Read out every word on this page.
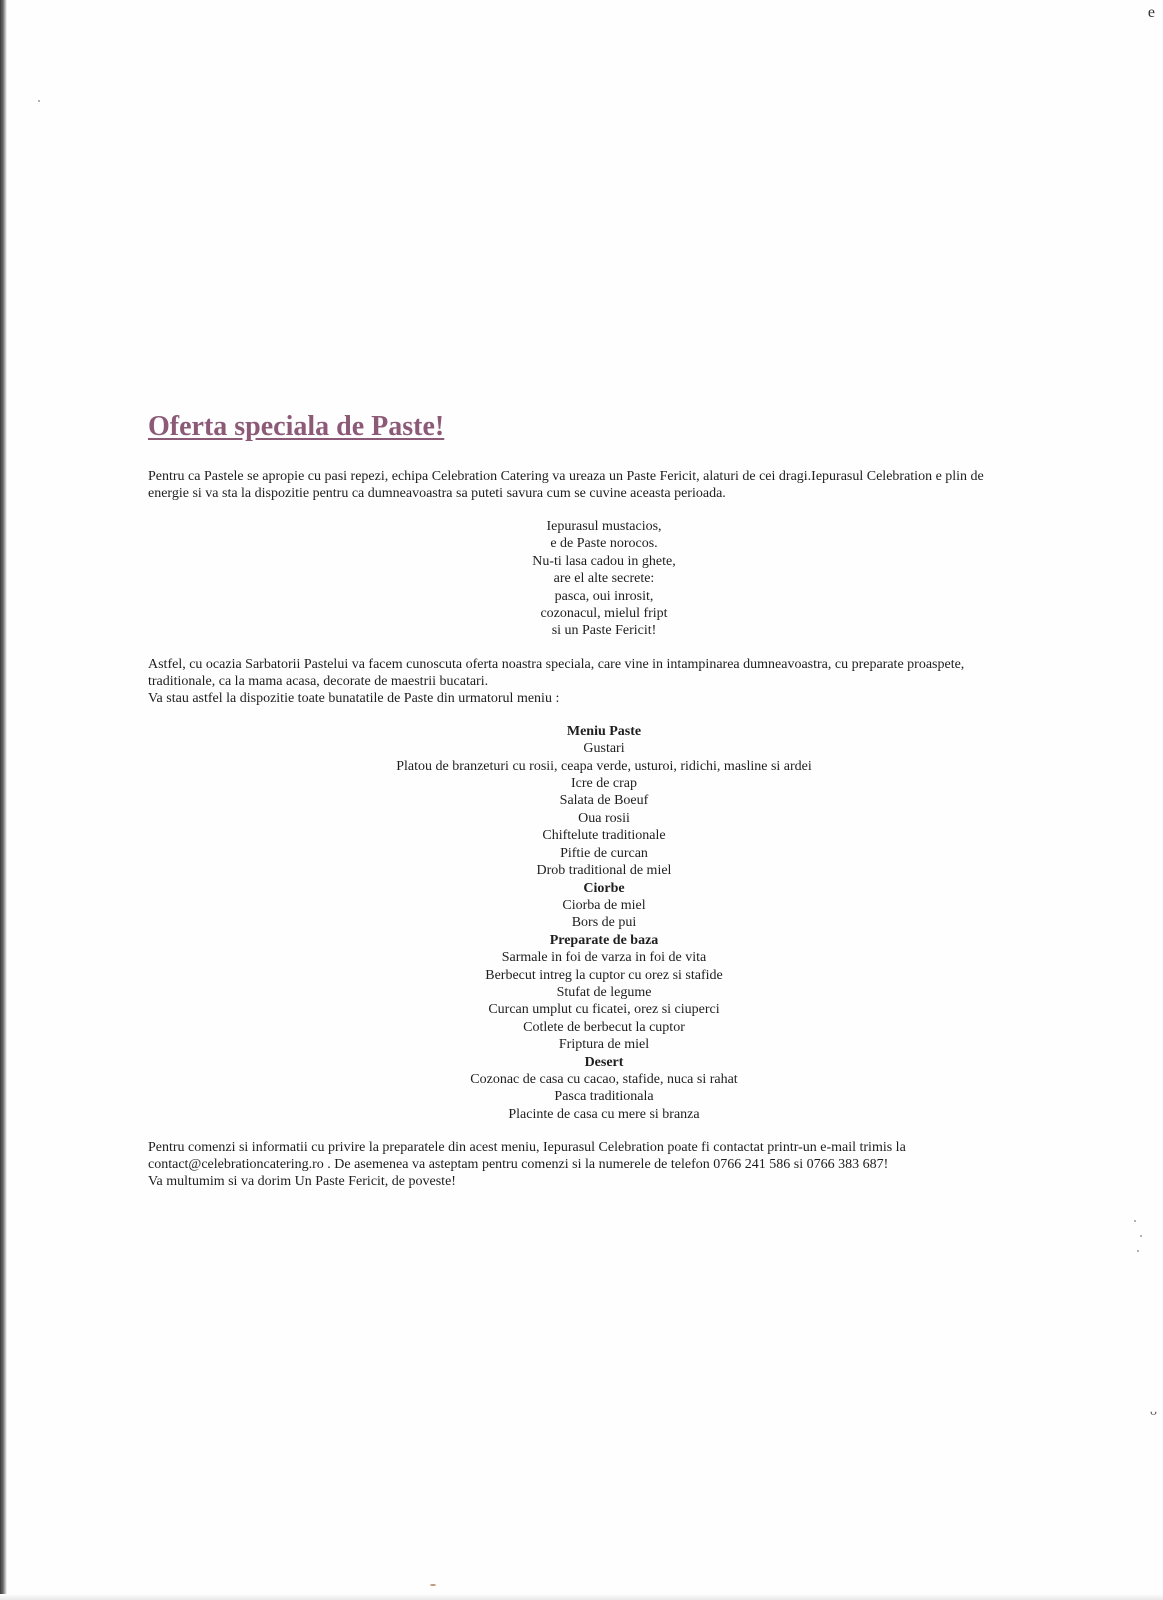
e
ᴗ
Oferta speciala de Paste!
Pentru ca Pastele se apropie cu pasi repezi, echipa Celebration Catering va ureaza un Paste Fericit, alaturi de cei dragi.Iepurasul Celebration e plin de
energie si va sta la dispozitie pentru ca dumneavoastra sa puteti savura cum se cuvine aceasta perioada.
Iepurasul mustacios,
e de Paste norocos.
Nu-ti lasa cadou in ghete,
are el alte secrete:
pasca, oui inrosit,
cozonacul, mielul fript
si un Paste Fericit!
Astfel, cu ocazia Sarbatorii Pastelui va facem cunoscuta oferta noastra speciala, care vine in intampinarea dumneavoastra, cu preparate proaspete,
traditionale, ca la mama acasa, decorate de maestrii bucatari.
Va stau astfel la dispozitie toate bunatatile de Paste din urmatorul meniu :
Meniu Paste
Gustari
Platou de branzeturi cu rosii, ceapa verde, usturoi, ridichi, masline si ardei
Icre de crap
Salata de Boeuf
Oua rosii
Chiftelute traditionale
Piftie de curcan
Drob traditional de miel
Ciorbe
Ciorba de miel
Bors de pui
Preparate de baza
Sarmale in foi de varza in foi de vita
Berbecut intreg la cuptor cu orez si stafide
Stufat de legume
Curcan umplut cu ficatei, orez si ciuperci
Cotlete de berbecut la cuptor
Friptura de miel
Desert
Cozonac de casa cu cacao, stafide, nuca si rahat
Pasca traditionala
Placinte de casa cu mere si branza
Pentru comenzi si informatii cu privire la preparatele din acest meniu, Iepurasul Celebration poate fi contactat printr-un e-mail trimis la
contact@celebrationcatering.ro . De asemenea va asteptam pentru comenzi si la numerele de telefon 0766 241 586 si 0766 383 687!
Va multumim si va dorim Un Paste Fericit, de poveste!
